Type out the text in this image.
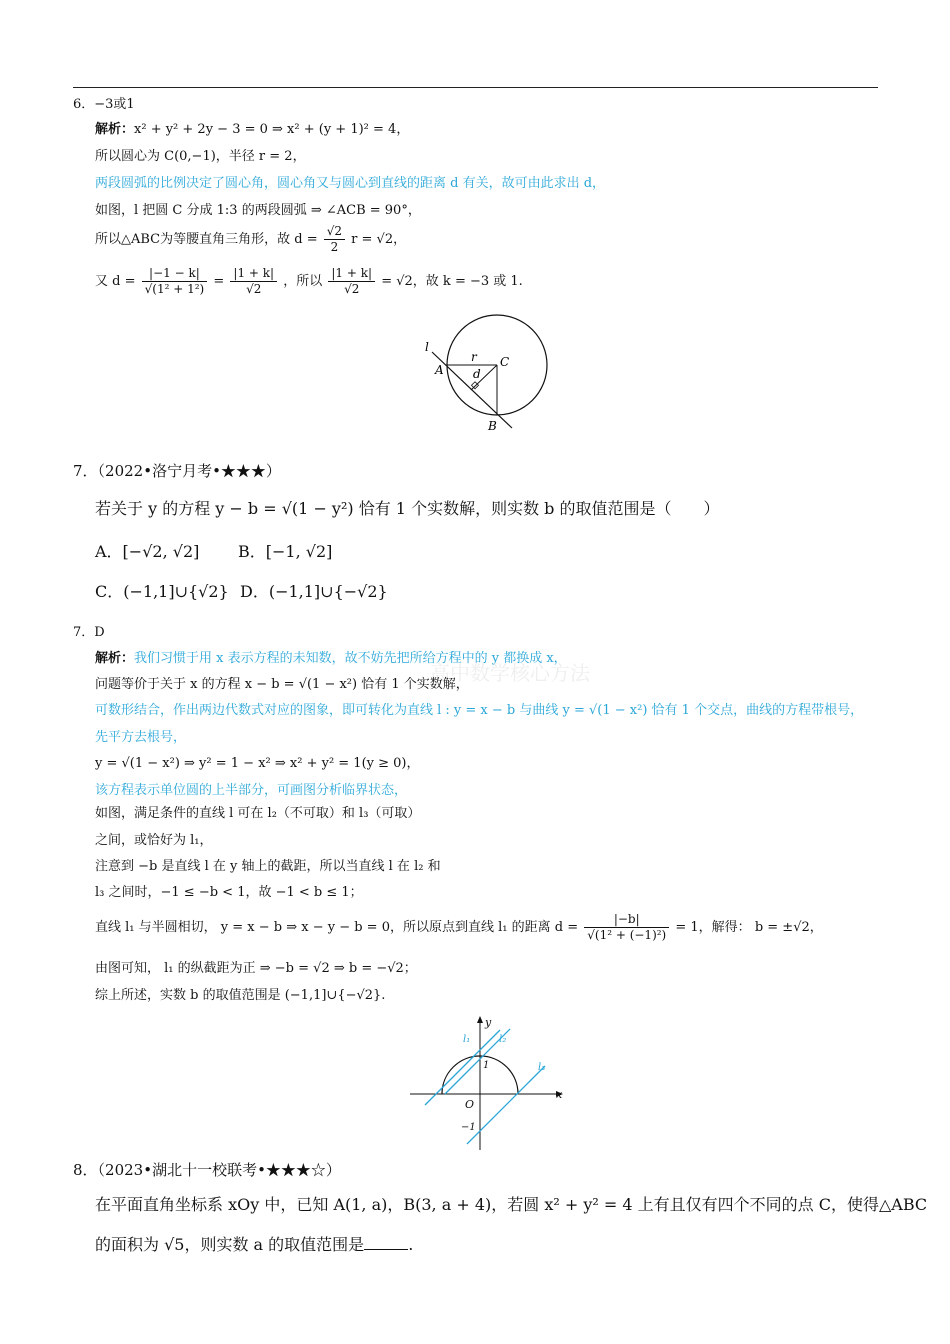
6．−3或1
解析：x² + y² + 2y − 3 = 0 ⇒ x² + (y + 1)² = 4，
所以圆心为 C(0,−1)，半径 r = 2，
两段圆弧的比例决定了圆心角，圆心角又与圆心到直线的距离 d 有关，故可由此求出 d，
如图，l 把圆 C 分成 1:3 的两段圆弧 ⇒ ∠ACB = 90°，
所以△ABC为等腰直角三角形，故 $d = \frac{√2}{2}$ r = √2，
又 $d = \frac{|-1 - k|}{\text{√(1² + 1²)}} = \frac{|1 + k|}{√2}$ ，所以 $\frac{|1 + k|}{√2} = √2$，故 k = −3 或 1.
l
r C
A d
B
7．（2022•洛宁月考•★★★）
若关于 y 的方程 y − b = √(1 − y²) 恰有 1 个实数解，则实数 b 的取值范围是（　　）
A．[−√2, √2] B．[−1, √2]
C．(−1,1]∪{√2} D．(−1,1]∪{−√2}
7．D
解析：我们习惯于用 x 表示方程的未知数，故不妨先把所给方程中的 y 都换成 x，
高中数学核心方法
问题等价于关于 x 的方程 x − b = √(1 − x²) 恰有 1 个实数解，
可数形结合，作出两边代数式对应的图象，即可转化为直线 l : y = x − b 与曲线 y = √(1 − x²) 恰有 1 个交点，曲线的方程带根号，
先平方去根号，
y = √(1 − x²) ⇒ y² = 1 − x² ⇒ x² + y² = 1(y ≥ 0)，
该方程表示单位圆的上半部分，可画图分析临界状态，
如图，满足条件的直线 l 可在 l₂（不可取）和 l₃（可取）
之间，或恰好为 l₁，
注意到 −b 是直线 l 在 y 轴上的截距，所以当直线 l 在 l₂ 和
l₃ 之间时，−1 ≤ −b < 1，故 −1 < b ≤ 1；
直线 l₁ 与半圆相切， y = x − b ⇒ x − y − b = 0，所以原点到直线 l₁ 的距离 $d = \frac{|-b|}{\text{√(1² + (−1)²)}} = 1$，解得： b = ±√2，
由图可知， l₁ 的纵截距为正 ⇒ −b = √2 ⇒ b = −√2；
综上所述，实数 b 的取值范围是 (−1,1]∪{−√2}.
y
x
O
1
−1
l₁	l₂
l₃
8．（2023•湖北十一校联考•★★★☆）
在平面直角坐标系 xOy 中，已知 A(1, a)，B(3, a + 4)，若圆 x² + y² = 4 上有且仅有四个不同的点 C，使得△ABC
的面积为 √5，则实数 a 的取值范围是	.
